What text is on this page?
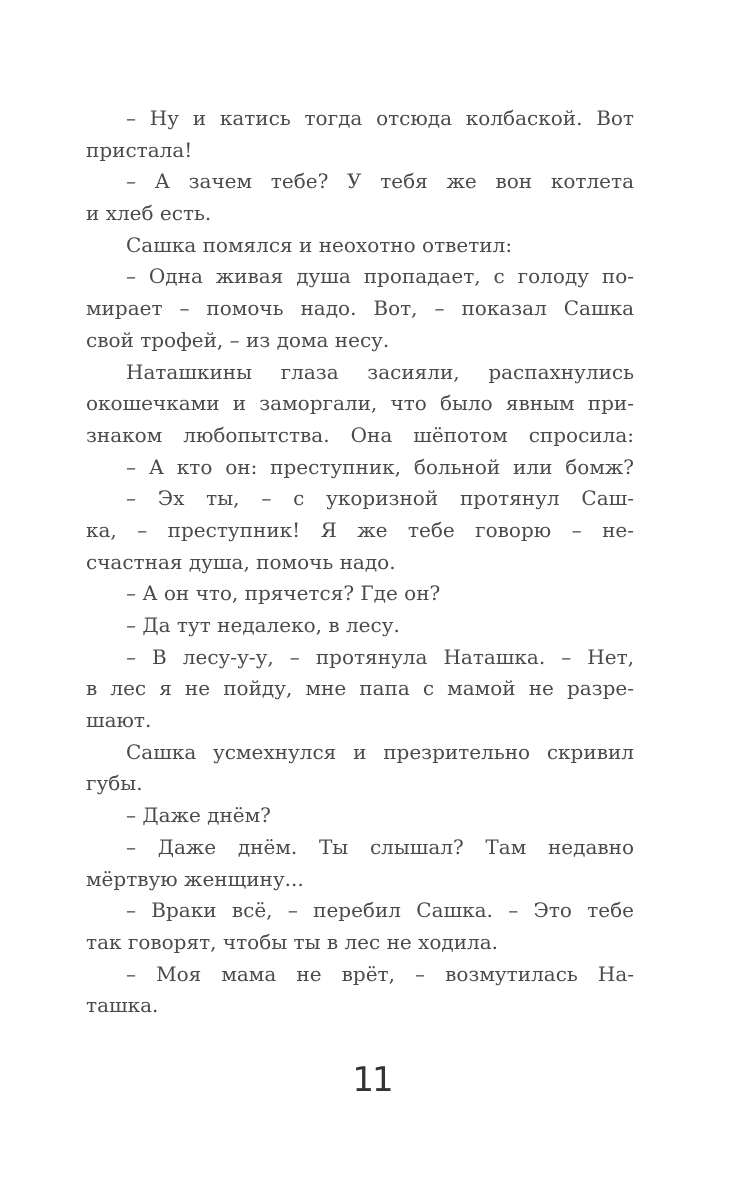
– Ну и катись тогда отсюда колбаской. Вот
пристала!
– А зачем тебе? У тебя же вон котлета
и хлеб есть.
Сашка помялся и неохотно ответил:
– Одна живая душа пропадает, с голоду по-
мирает – помочь надо. Вот, – показал Сашка
свой трофей, – из дома несу.
Наташкины глаза засияли, распахнулись
окошечками и заморгали, что было явным при-
знаком любопытства. Она шёпотом спросила:
– А кто он: преступник, больной или бомж?
– Эх ты, – с укоризной протянул Саш-
ка, – преступник! Я же тебе говорю – не-
счастная душа, помочь надо.
– А он что, прячется? Где он?
– Да тут недалеко, в лесу.
– В лесу-у-у, – протянула Наташка. – Нет,
в лес я не пойду, мне папа с мамой не разре-
шают.
Сашка усмехнулся и презрительно скривил
губы.
– Даже днём?
– Даже днём. Ты слышал? Там недавно
мёртвую женщину...
– Враки всё, – перебил Сашка. – Это тебе
так говорят, чтобы ты в лес не ходила.
– Моя мама не врёт, – возмутилась На-
ташка.
11
